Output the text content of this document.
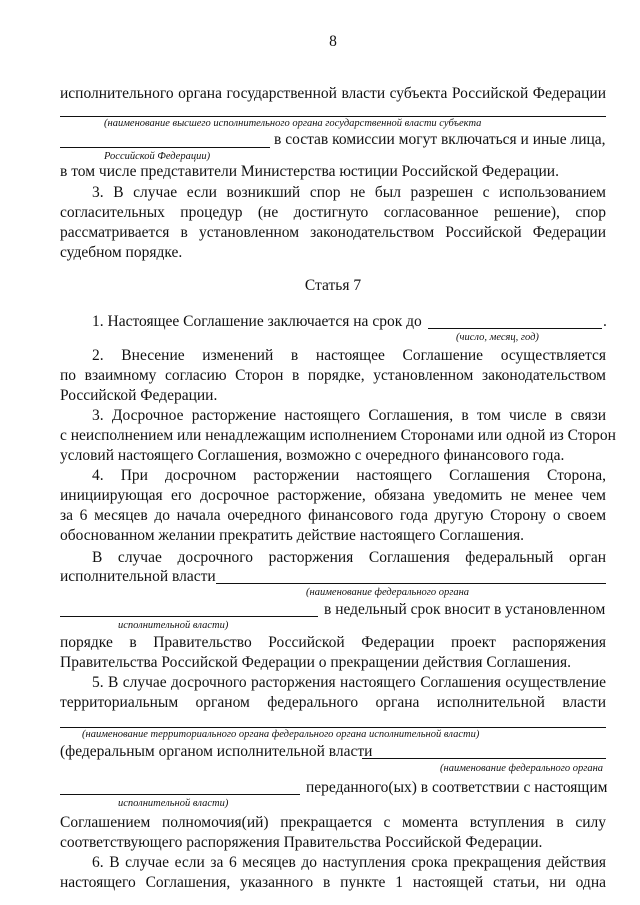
8
исполнительного органа государственной власти субъекта Российской Федерации
(наименование высшего исполнительного органа государственной власти субъекта
в состав комиссии могут включаться и иные лица,
Российской Федерации)
в том числе представители Министерства юстиции Российской Федерации.
3. В случае если возникший спор не был разрешен с использованием
согласительных процедур (не достигнуто согласованное решение), спор
рассматривается в установленном законодательством Российской Федерации
судебном порядке.
Статья 7
1. Настоящее Соглашение заключается на срок до	.
(число, месяц, год)
2. Внесение изменений в настоящее Соглашение осуществляется
по взаимному согласию Сторон в порядке, установленном законодательством
Российской Федерации.
3. Досрочное расторжение настоящего Соглашения, в том числе в связи
с неисполнением или ненадлежащим исполнением Сторонами или одной из Сторон
условий настоящего Соглашения, возможно с очередного финансового года.
4. При досрочном расторжении настоящего Соглашения Сторона,
инициирующая его досрочное расторжение, обязана уведомить не менее чем
за 6 месяцев до начала очередного финансового года другую Сторону о своем
обоснованном желании прекратить действие настоящего Соглашения.
В случае досрочного расторжения Соглашения федеральный орган
исполнительной власти
(наименование федерального органа
в недельный срок вносит в установленном
исполнительной власти)
порядке в Правительство Российской Федерации проект распоряжения
Правительства Российской Федерации о прекращении действия Соглашения.
5. В случае досрочного расторжения настоящего Соглашения осуществление
территориальным органом федерального органа исполнительной власти
(наименование территориального органа федерального органа исполнительной власти)
(федеральным органом исполнительной власти
(наименование федерального органа
переданного(ых) в соответствии с настоящим
исполнительной власти)
Соглашением полномочия(ий) прекращается с момента вступления в силу
соответствующего распоряжения Правительства Российской Федерации.
6. В случае если за 6 месяцев до наступления срока прекращения действия
настоящего Соглашения, указанного в пункте 1 настоящей статьи, ни одна
